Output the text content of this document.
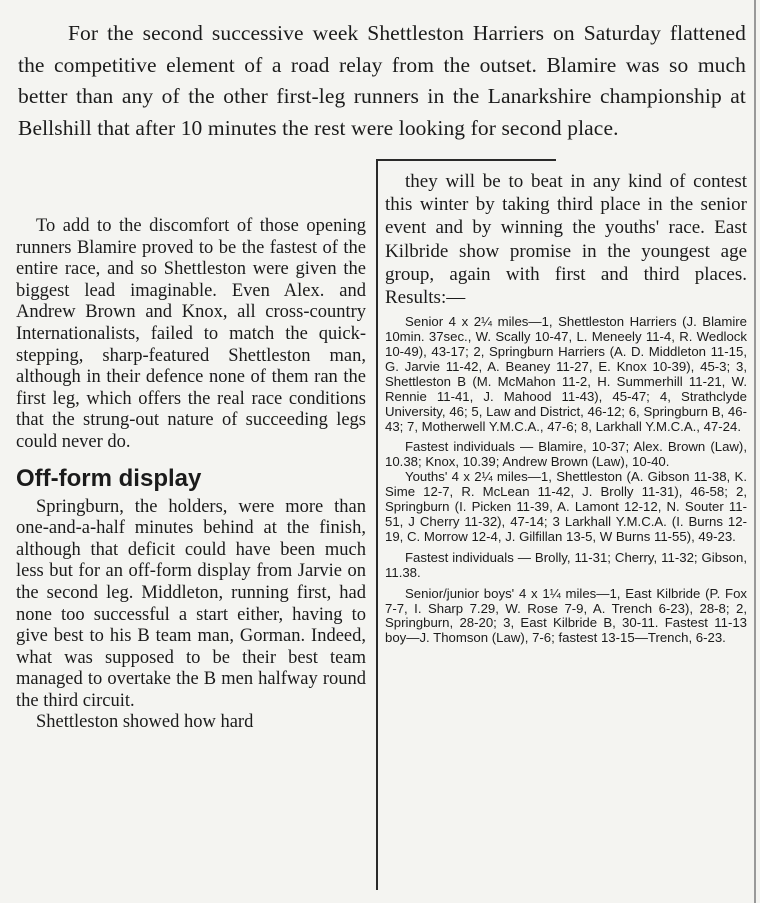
For the second successive week Shettleston Harriers on Saturday flattened the competitive element of a road relay from the outset. Blamire was so much better than any of the other first-leg runners in the Lanarkshire championship at Bellshill that after 10 minutes the rest were looking for second place.

To add to the discomfort of those opening runners Blamire proved to be the fastest of the entire race, and so Shettleston were given the biggest lead imaginable. Even Alex. and Andrew Brown and Knox, all cross-country Internationalists, failed to match the quick-stepping, sharp-featured Shettleston man, although in their defence none of them ran the first leg, which offers the real race conditions that the strung-out nature of succeeding legs could never do.

Off-form display

Springburn, the holders, were more than one-and-a-half minutes behind at the finish, although that deficit could have been much less but for an off-form display from Jarvie on the second leg. Middleton, running first, had none too successful a start either, having to give best to his B team man, Gorman. Indeed, what was supposed to be their best team managed to overtake the B men halfway round the third circuit.

Shettleston showed how hard

they will be to beat in any kind of contest this winter by taking third place in the senior event and by winning the youths' race. East Kilbride show promise in the youngest age group, again with first and third places. Results:—

Senior 4 x 2¼ miles—1, Shettleston Harriers (J. Blamire 10min. 37sec., W. Scally 10-47, L. Meneely 11-4, R. Wedlock 10-49), 43-17; 2, Springburn Harriers (A. D. Middleton 11-15, G. Jarvie 11-42, A. Beaney 11-27, E. Knox 10-39), 45-3; 3, Shettleston B (M. McMahon 11-2, H. Summerhill 11-21, W. Rennie 11-41, J. Mahood 11-43), 45-47; 4, Strathclyde University, 46; 5, Law and District, 46-12; 6, Springburn B, 46-43; 7, Motherwell Y.M.C.A., 47-6; 8, Larkhall Y.M.C.A., 47-24.

Fastest individuals — Blamire, 10-37; Alex. Brown (Law), 10.38; Knox, 10.39; Andrew Brown (Law), 10-40.

Youths' 4 x 2¼ miles—1, Shettleston (A. Gibson 11-38, K. Sime 12-7, R. McLean 11-42, J. Brolly 11-31), 46-58; 2, Springburn (I. Picken 11-39, A. Lamont 12-12, N. Souter 11-51, J Cherry 11-32), 47-14; 3 Larkhall Y.M.C.A. (I. Burns 12-19, C. Morrow 12-4, J. Gilfillan 13-5, W Burns 11-55), 49-23.

Fastest individuals — Brolly, 11-31; Cherry, 11-32; Gibson, 11.38.

Senior/junior boys' 4 x 1¼ miles—1, East Kilbride (P. Fox 7-7, I. Sharp 7.29, W. Rose 7-9, A. Trench 6-23), 28-8; 2, Springburn, 28-20; 3, East Kilbride B, 30-11. Fastest 11-13 boy—J. Thomson (Law), 7-6; fastest 13-15—Trench, 6-23.
